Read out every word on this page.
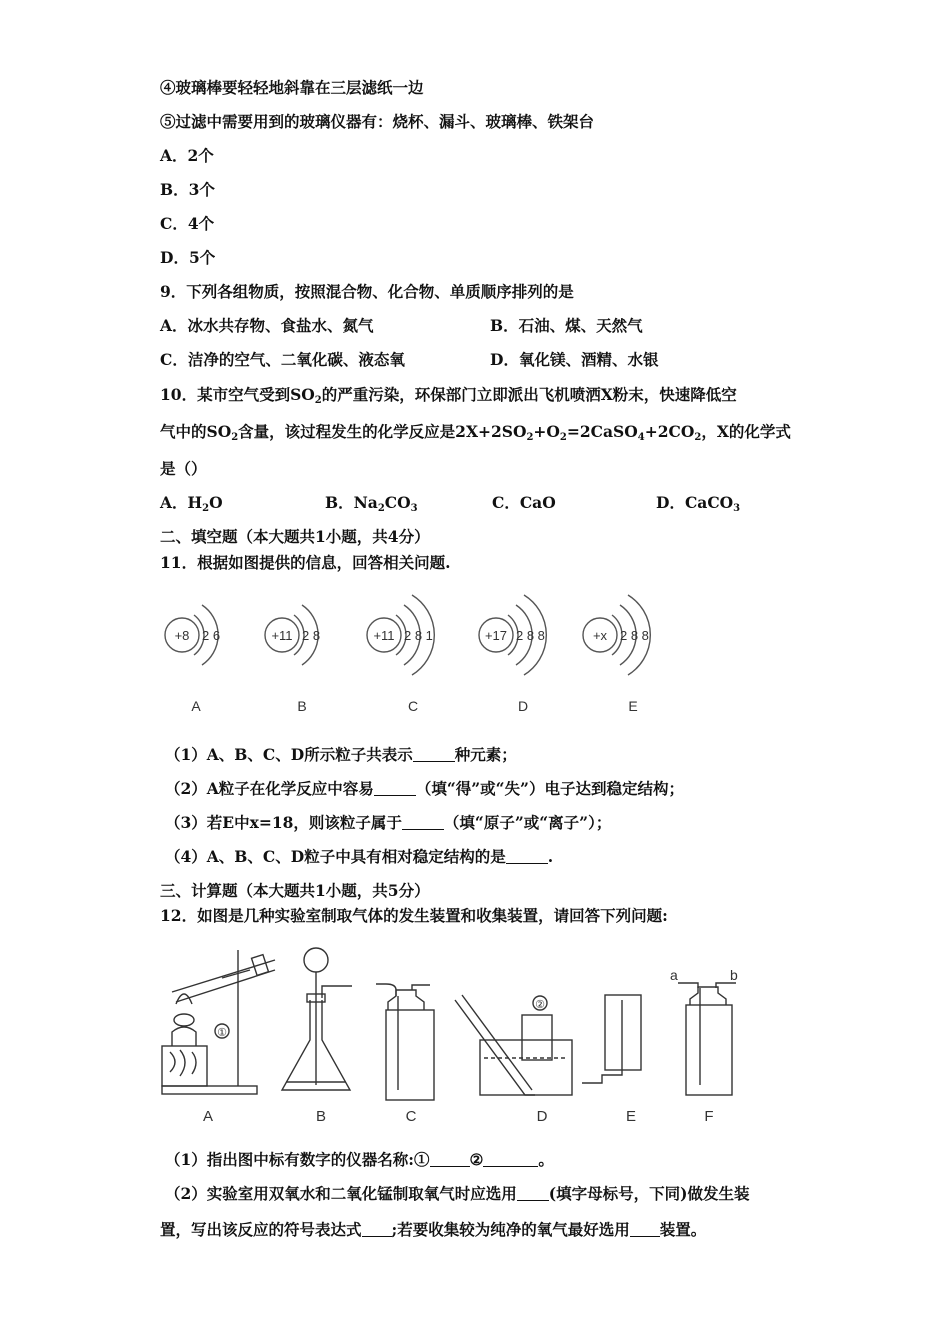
④玻璃棒要轻轻地斜靠在三层滤纸一边
⑤过滤中需要用到的玻璃仪器有：烧杯、漏斗、玻璃棒、铁架台
A．2个
B．3个
C．4个
D．5个
9．下列各组物质，按照混合物、化合物、单质顺序排列的是
A．冰水共存物、食盐水、氮气	B．石油、煤、天然气
C．洁净的空气、二氧化碳、液态氧	D．氧化镁、酒精、水银
10．某市空气受到$SO_2$的严重污染，环保部门立即派出飞机喷洒X粉末，快速降低空
气中的$SO_2$含量，该过程发生的化学反应是$2X+2SO_2+O_2=2CaSO_4+2CO_2$，X的化学式
是（）
A．$H_2O$	B．$Na_2CO_3$	C．CaO	D．CaCO$_3$
二、填空题（本大题共1小题，共4分）
11．根据如图提供的信息，回答相关问题.
+8 2 6	+11 2 8	+11 2 8 1	+17 2 8 8	+x 2 8 8
A	B	C	D	E
（1）A、B、C、D所示粒子共表示	种元素；
（2）A粒子在化学反应中容易	（填“得”或“失”）电子达到稳定结构；
（3）若E中x=18，则该粒子属于	（填“原子”或“离子”）；
（4）A、B、C、D粒子中具有相对稳定结构的是	.
三、计算题（本大题共1小题，共5分）
12．如图是几种实验室制取气体的发生装置和收集装置，请回答下列问题:
①
②
a	b
A	B	C	D	E	F
（1）指出图中标有数字的仪器名称:①	②	。
（2）实验室用双氧水和二氧化锰制取氧气时应选用 (填字母标号，下同)做发生装
置，写出该反应的符号表达式 ;若要收集较为纯净的氧气最好选用 装置。
